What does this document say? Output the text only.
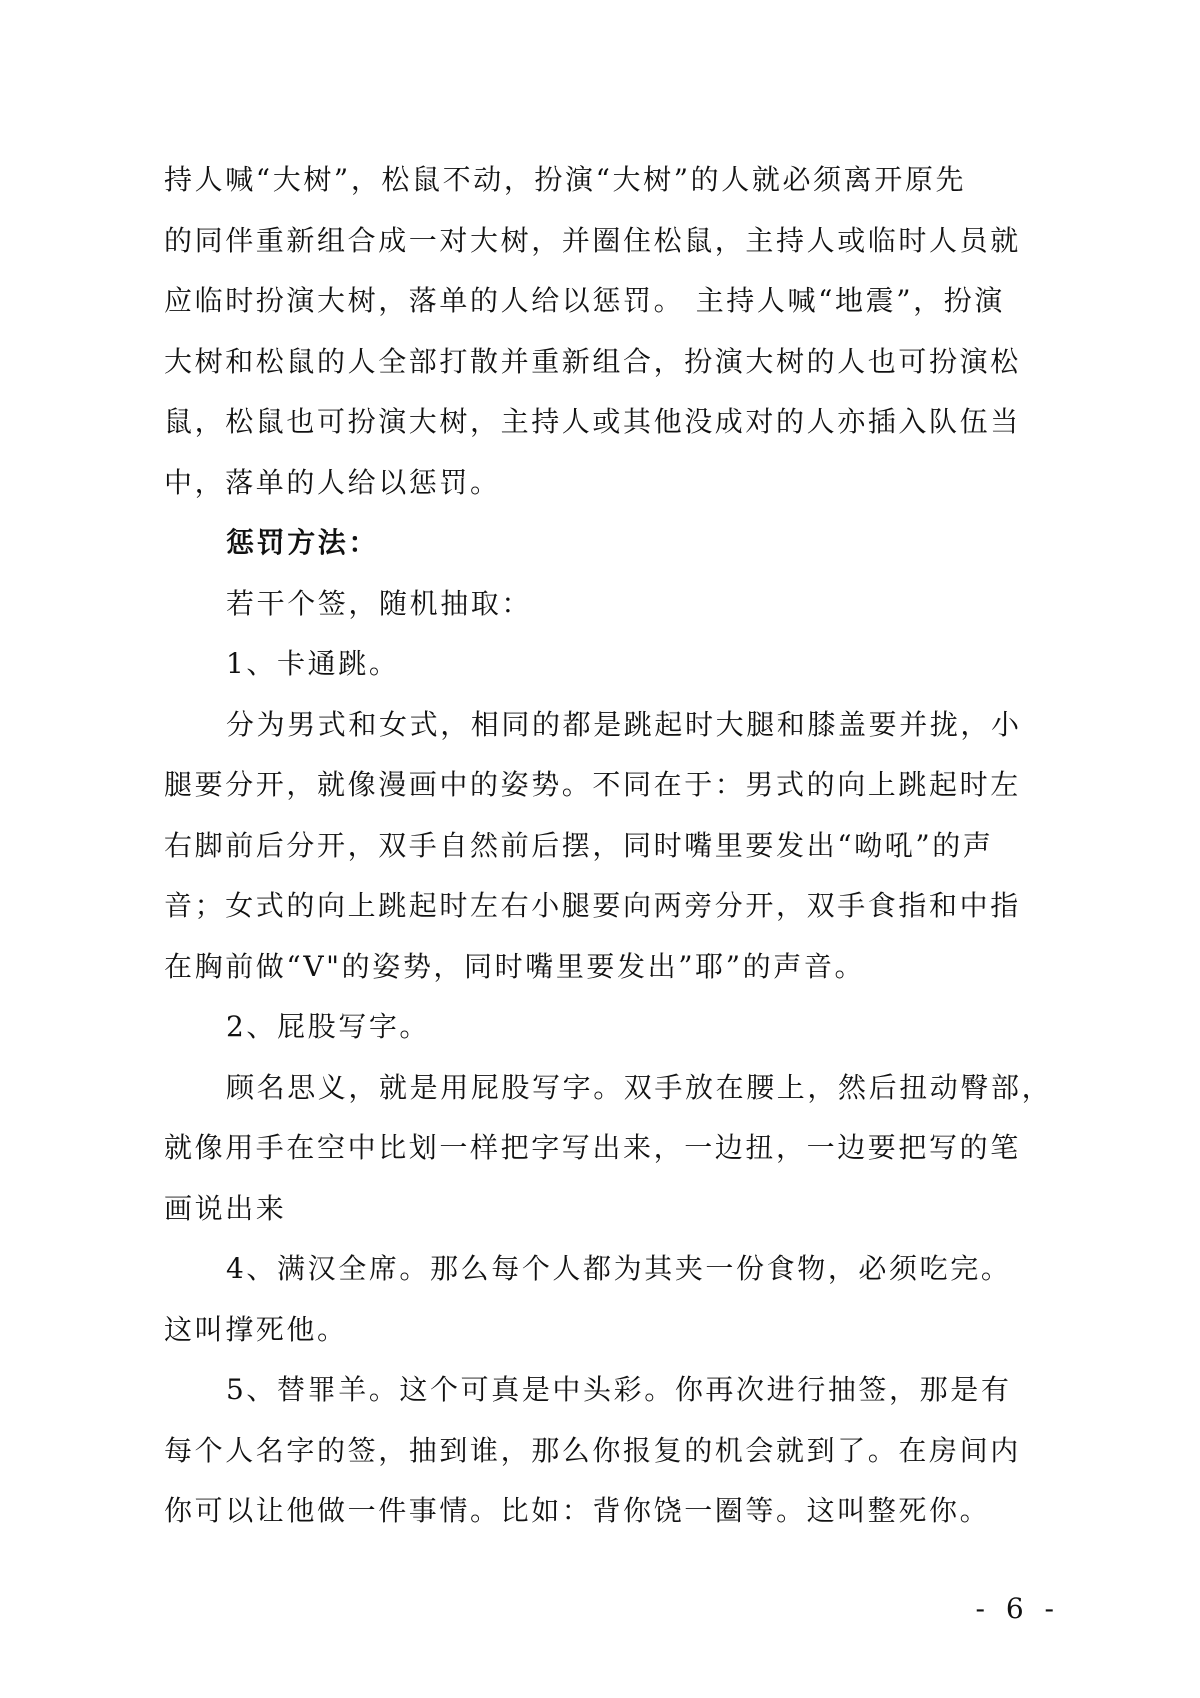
持人喊“大树”，松鼠不动，扮演“大树”的人就必须离开原先
的同伴重新组合成一对大树，并圈住松鼠，主持人或临时人员就
应临时扮演大树，落单的人给以惩罚。 主持人喊“地震”，扮演
大树和松鼠的人全部打散并重新组合，扮演大树的人也可扮演松
鼠，松鼠也可扮演大树，主持人或其他没成对的人亦插入队伍当
中，落单的人给以惩罚。
惩罚方法：
若干个签，随机抽取：
1、卡通跳。
分为男式和女式，相同的都是跳起时大腿和膝盖要并拢，小
腿要分开，就像漫画中的姿势。不同在于：男式的向上跳起时左
右脚前后分开，双手自然前后摆，同时嘴里要发出“呦吼”的声
音；女式的向上跳起时左右小腿要向两旁分开，双手食指和中指
在胸前做“V"的姿势，同时嘴里要发出”耶”的声音。
2、屁股写字。
顾名思义，就是用屁股写字。双手放在腰上，然后扭动臀部，
就像用手在空中比划一样把字写出来，一边扭，一边要把写的笔
画说出来
4、满汉全席。那么每个人都为其夹一份食物，必须吃完。
这叫撑死他。
5、替罪羊。这个可真是中头彩。你再次进行抽签，那是有
每个人名字的签，抽到谁，那么你报复的机会就到了。在房间内
你可以让他做一件事情。比如：背你饶一圈等。这叫整死你。
- 6 -
